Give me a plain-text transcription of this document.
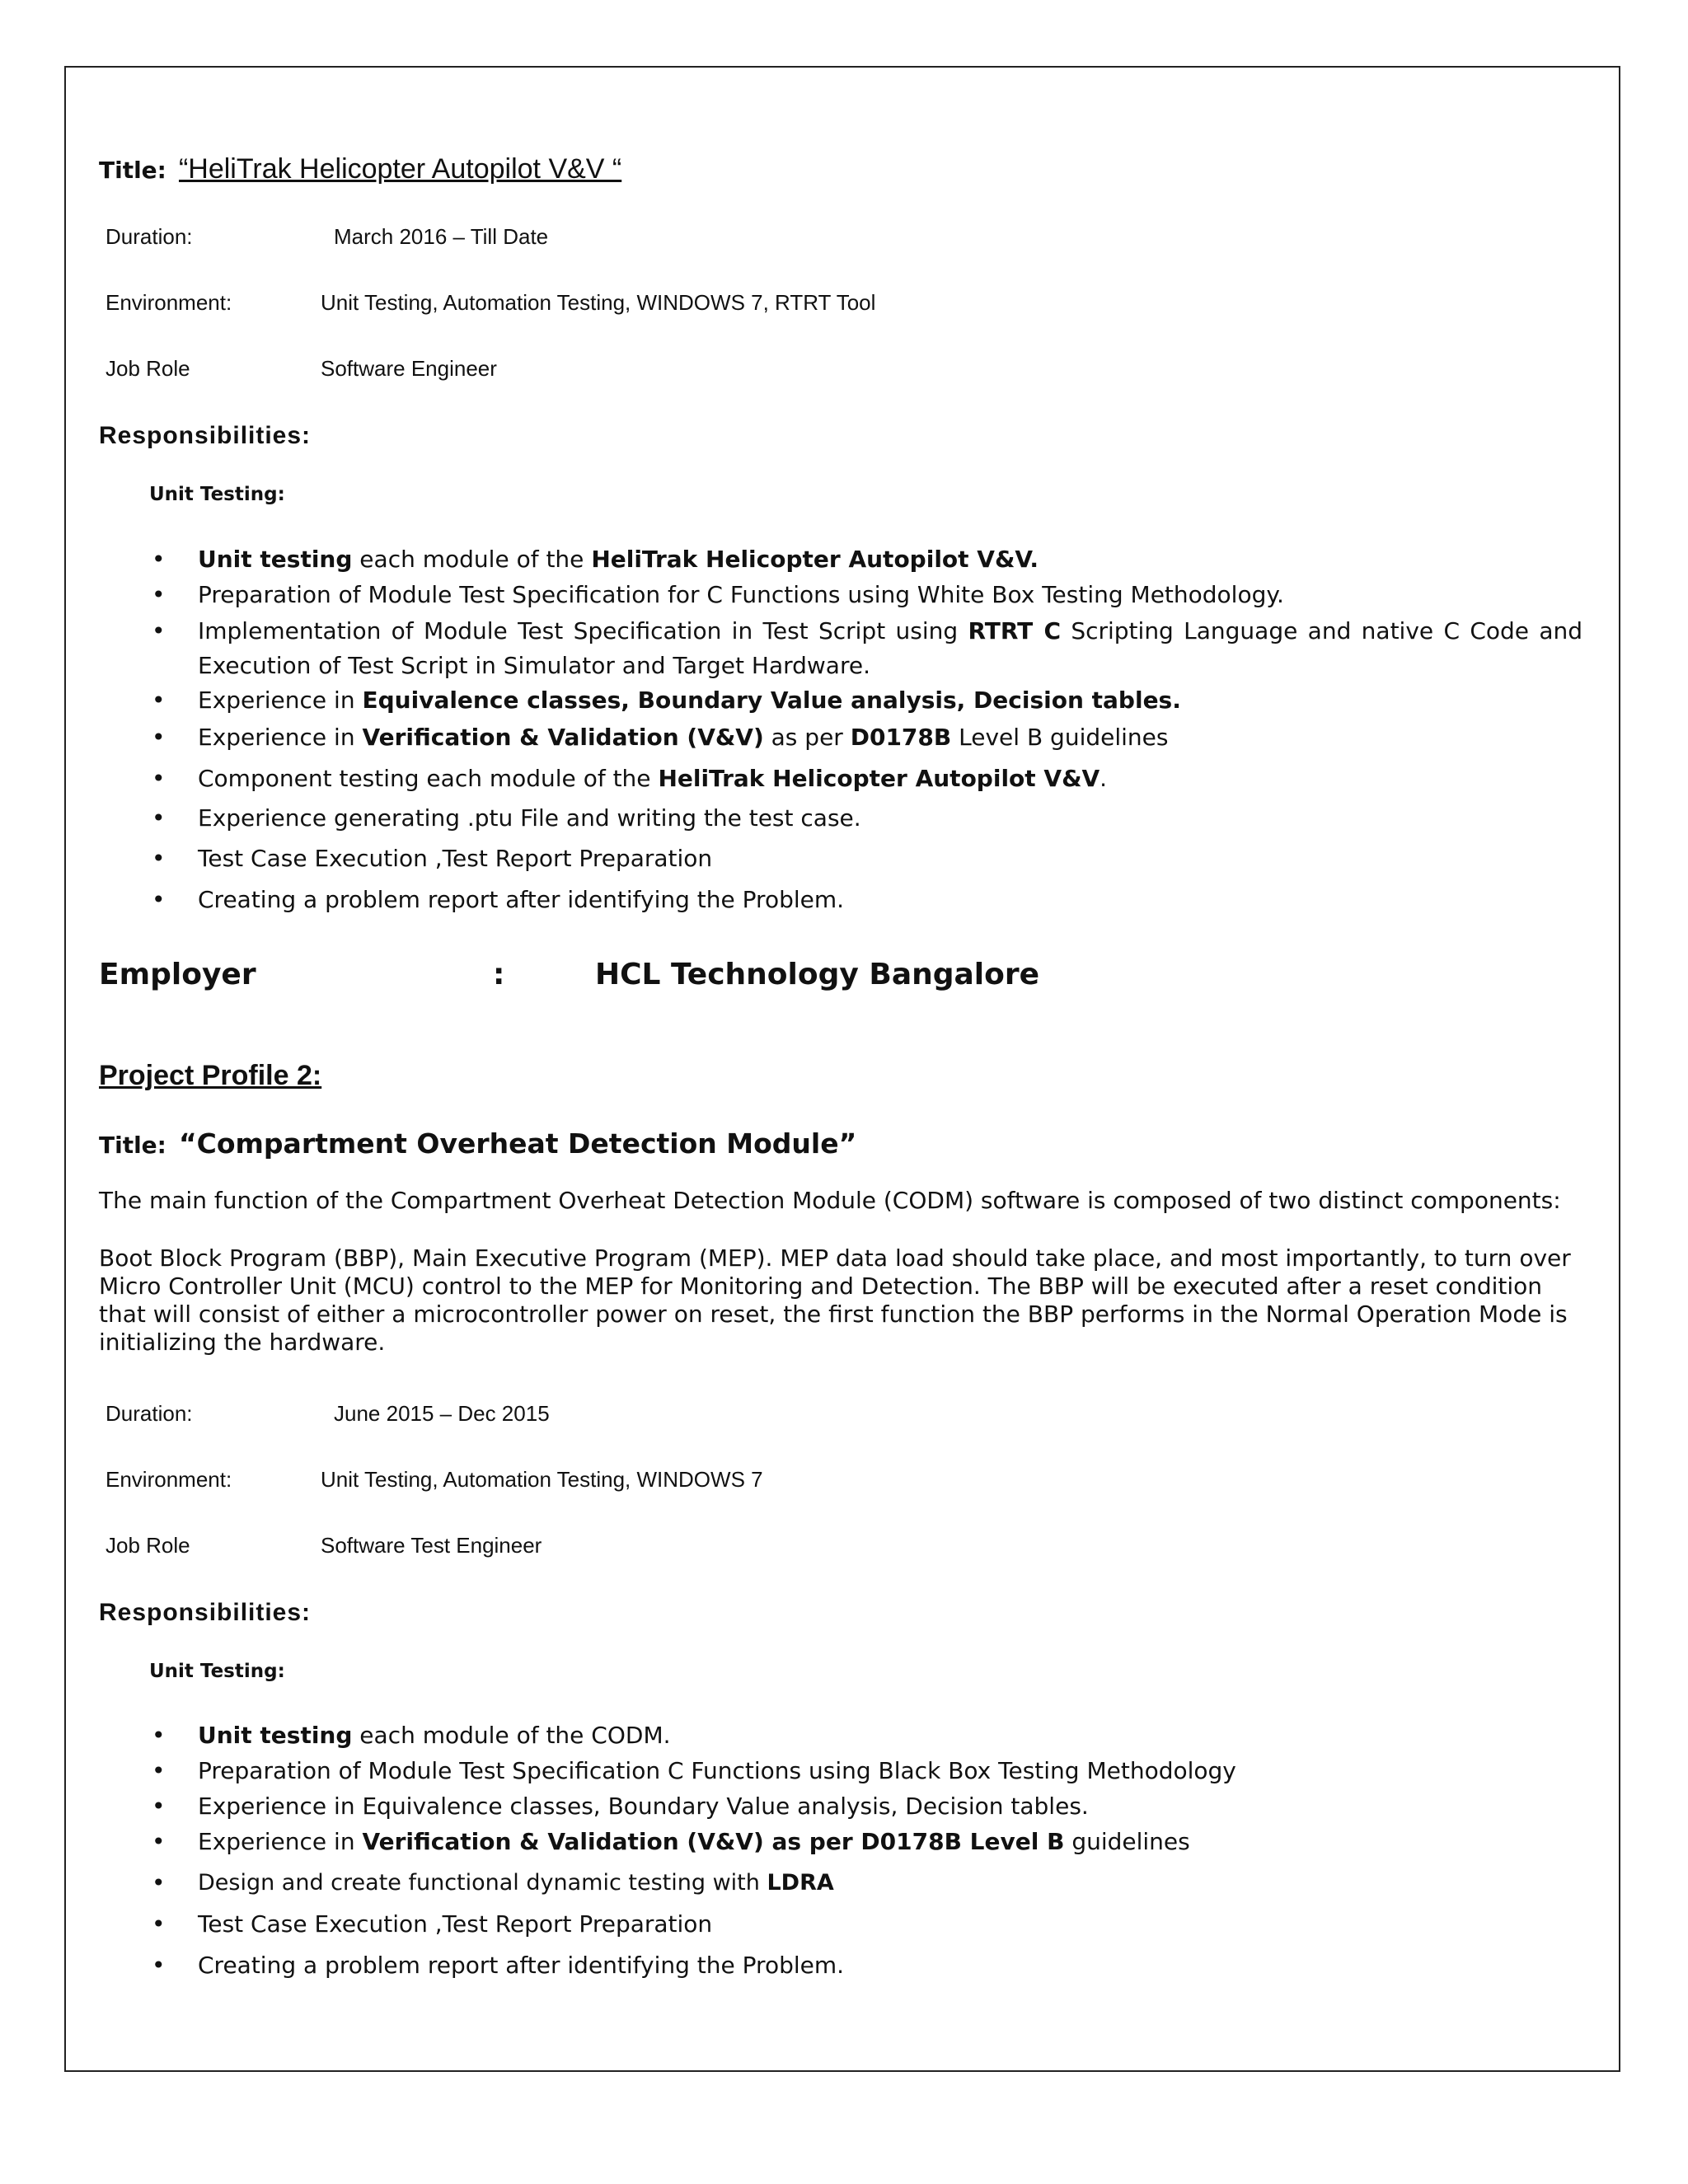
Title: “HeliTrak Helicopter Autopilot V&V “
Duration:	March 2016 – Till Date
Environment:	Unit Testing, Automation Testing, WINDOWS 7, RTRT Tool
Job Role	Software Engineer
Responsibilities:
Unit Testing:
• Unit testing each module of the HeliTrak Helicopter Autopilot V&V.
• Preparation of Module Test Specification for C Functions using White Box Testing Methodology.
• Implementation of Module Test Specification in Test Script using RTRT C Scripting Language and native C Code and Execution of Test Script in Simulator and Target Hardware.
• Experience in Equivalence classes, Boundary Value analysis, Decision tables.
• Experience in Verification & Validation (V&V) as per D0178B Level B guidelines
• Component testing each module of the HeliTrak Helicopter Autopilot V&V.
• Experience generating .ptu File and writing the test case.
• Test Case Execution ,Test Report Preparation
• Creating a problem report after identifying the Problem.
Employer	:	HCL Technology Bangalore
Project Profile 2:
Title: “Compartment Overheat Detection Module”
The main function of the Compartment Overheat Detection Module (CODM) software is composed of two distinct components:
Boot Block Program (BBP), Main Executive Program (MEP). MEP data load should take place, and most importantly, to turn over Micro Controller Unit (MCU) control to the MEP for Monitoring and Detection. The BBP will be executed after a reset condition that will consist of either a microcontroller power on reset, the first function the BBP performs in the Normal Operation Mode is initializing the hardware.
Duration:	June 2015 – Dec 2015
Environment:	Unit Testing, Automation Testing, WINDOWS 7
Job Role	Software Test Engineer
Responsibilities:
Unit Testing:
• Unit testing each module of the CODM.
• Preparation of Module Test Specification C Functions using Black Box Testing Methodology
• Experience in Equivalence classes, Boundary Value analysis, Decision tables.
• Experience in Verification & Validation (V&V) as per D0178B Level B guidelines
• Design and create functional dynamic testing with LDRA
• Test Case Execution ,Test Report Preparation
• Creating a problem report after identifying the Problem.
